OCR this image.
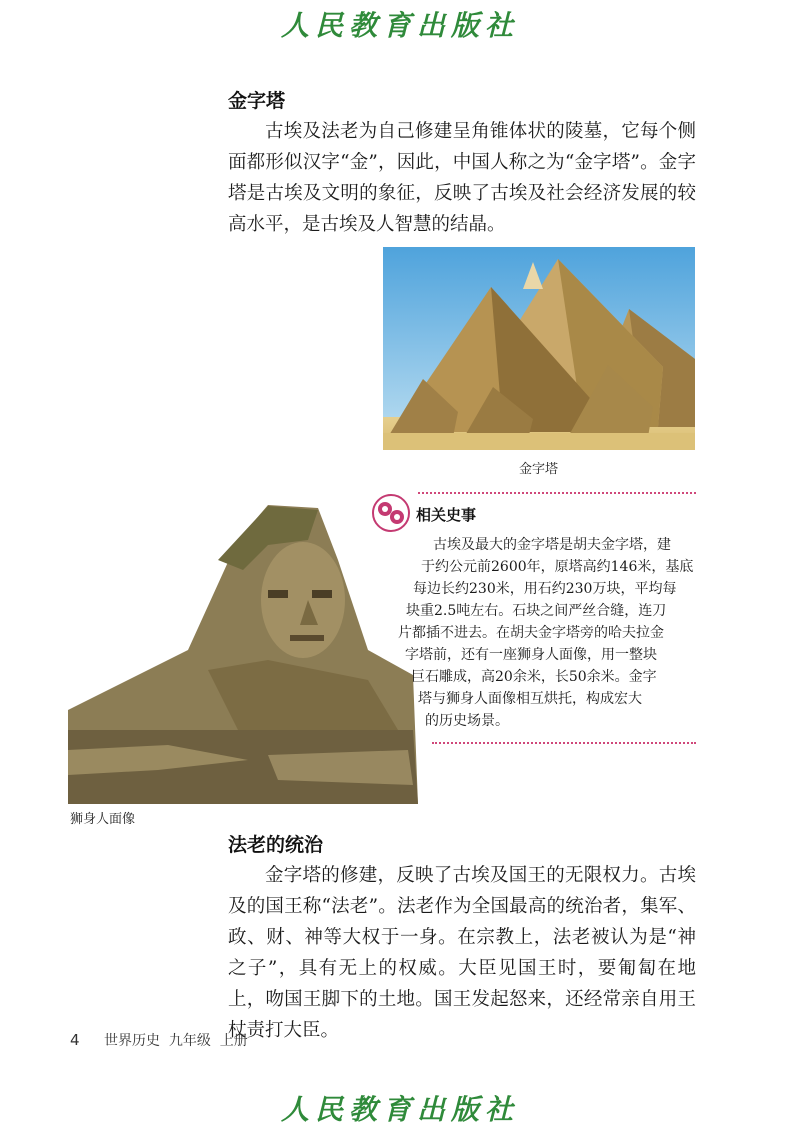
人民教育出版社
金字塔

古埃及法老为自己修建呈角锥体状的陵墓，它每个侧面都形似汉字“金”，因此，中国人称之为“金字塔”。金字塔是古埃及文明的象征，反映了古埃及社会经济发展的较高水平，是古埃及人智慧的结晶。

金字塔
狮身人面像
相关史事
古埃及最大的金字塔是胡夫金字塔，建
于约公元前2600年，原塔高约146米，基底
每边长约230米，用石约230万块，平均每
块重2.5吨左右。石块之间严丝合缝，连刀
片都插不进去。在胡夫金字塔旁的哈夫拉金
字塔前，还有一座狮身人面像，用一整块
巨石雕成，高20余米，长50余米。金字
塔与狮身人面像相互烘托，构成宏大
的历史场景。
法老的统治

金字塔的修建，反映了古埃及国王的无限权力。古埃及的国王称“法老”。法老作为全国最高的统治者，集军、政、财、神等大权于一身。在宗教上，法老被认为是“神之子”，具有无上的权威。大臣见国王时，要匍匐在地上，吻国王脚下的土地。国王发起怒来，还经常亲自用王杖责打大臣。

4 世界历史  九年级  上册
人民教育出版社
